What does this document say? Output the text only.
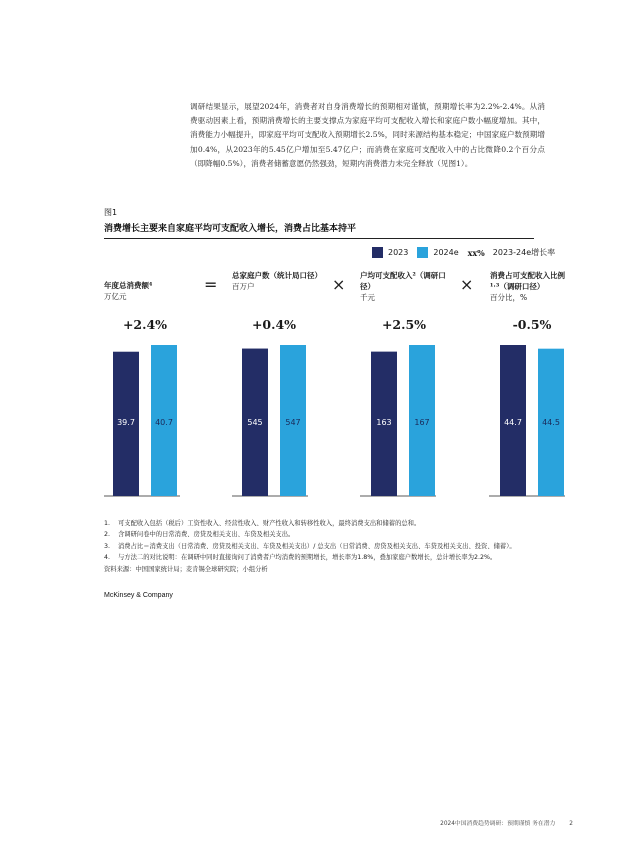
调研结果显示，展望2024年，消费者对自身消费增长的预期相对谨慎，预期增长率为2.2%-2.4%。从消费驱动因素上看，预期消费增长的主要支撑点为家庭平均可支配收入增长和家庭户数小幅度增加。其中，消费能力小幅提升，即家庭平均可支配收入预期增长2.5%，同时来源结构基本稳定；中国家庭户数预期增加0.4%，从2023年的5.45亿户增加至5.47亿户；而消费在家庭可支配收入中的占比微降0.2个百分点（即降幅0.5%），消费者储蓄意愿仍然强劲，短期内消费潜力未完全释放（见图1）。
图1
消费增长主要来自家庭平均可支配收入增长，消费占比基本持平
2023	2024e xx% 2023-24e增长率
年度总消费额⁴
万亿元
总家庭户数（统计局口径）
百万户
户均可支配收入²（调研口径）
千元
消费占可支配收入比例¹˒³（调研口径）
百分比，%
=	×	×
+2.4%	+0.4%	+2.5%	-0.5%
39.7	40.7	545	547	163	167	44.7	44.5
1.	可支配收入包括（税后）工资性收入、经营性收入、财产性收入和转移性收入，最终消费支出和储蓄的总和。
2.	含调研问卷中的日常消费、房贷及相关支出、车贷及相关支出。
3.	消费占比＝消费支出（日常消费、房贷及相关支出、车贷及相关支出）/ 总支出（日常消费、房贷及相关支出、车贷及相关支出、投资、储蓄）。
4.	与方法二的对比说明：在调研中同时直接询问了消费者户均消费的预期增长，增长率为1.8%，叠加家庭户数增长，总计增长率为2.2%。
资料来源：中国国家统计局；麦肯锡全球研究院；小组分析
McKinsey & Company
2024中国消费趋势调研：预期谨慎 务在潜力 2
